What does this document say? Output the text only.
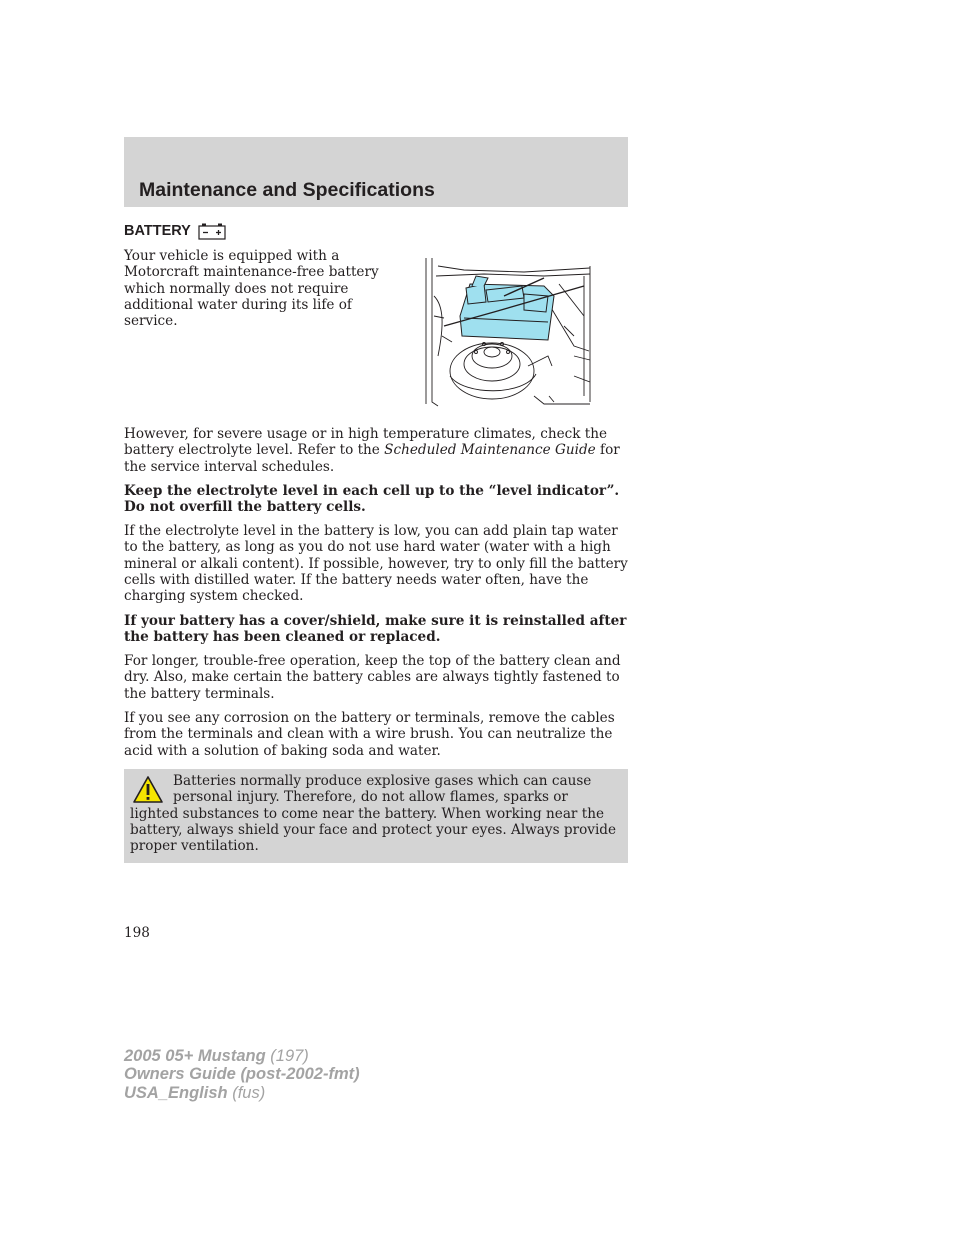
Maintenance and Specifications
BATTERY

Your vehicle is equipped with a Motorcraft maintenance-free battery which normally does not require additional water during its life of service.

However, for severe usage or in high temperature climates, check the battery electrolyte level. Refer to the Scheduled Maintenance Guide for the service interval schedules.

Keep the electrolyte level in each cell up to the “level indicator”. Do not overfill the battery cells.

If the electrolyte level in the battery is low, you can add plain tap water to the battery, as long as you do not use hard water (water with a high mineral or alkali content). If possible, however, try to only fill the battery cells with distilled water. If the battery needs water often, have the charging system checked.

If your battery has a cover/shield, make sure it is reinstalled after the battery has been cleaned or replaced.

For longer, trouble-free operation, keep the top of the battery clean and dry. Also, make certain the battery cables are always tightly fastened to the battery terminals.

If you see any corrosion on the battery or terminals, remove the cables from the terminals and clean with a wire brush. You can neutralize the acid with a solution of baking soda and water.

Batteries normally produce explosive gases which can cause personal injury. Therefore, do not allow flames, sparks or lighted substances to come near the battery. When working near the battery, always shield your face and protect your eyes. Always provide proper ventilation.

198

2005 05+ Mustang (197)
Owners Guide (post-2002-fmt)
USA_English (fus)
